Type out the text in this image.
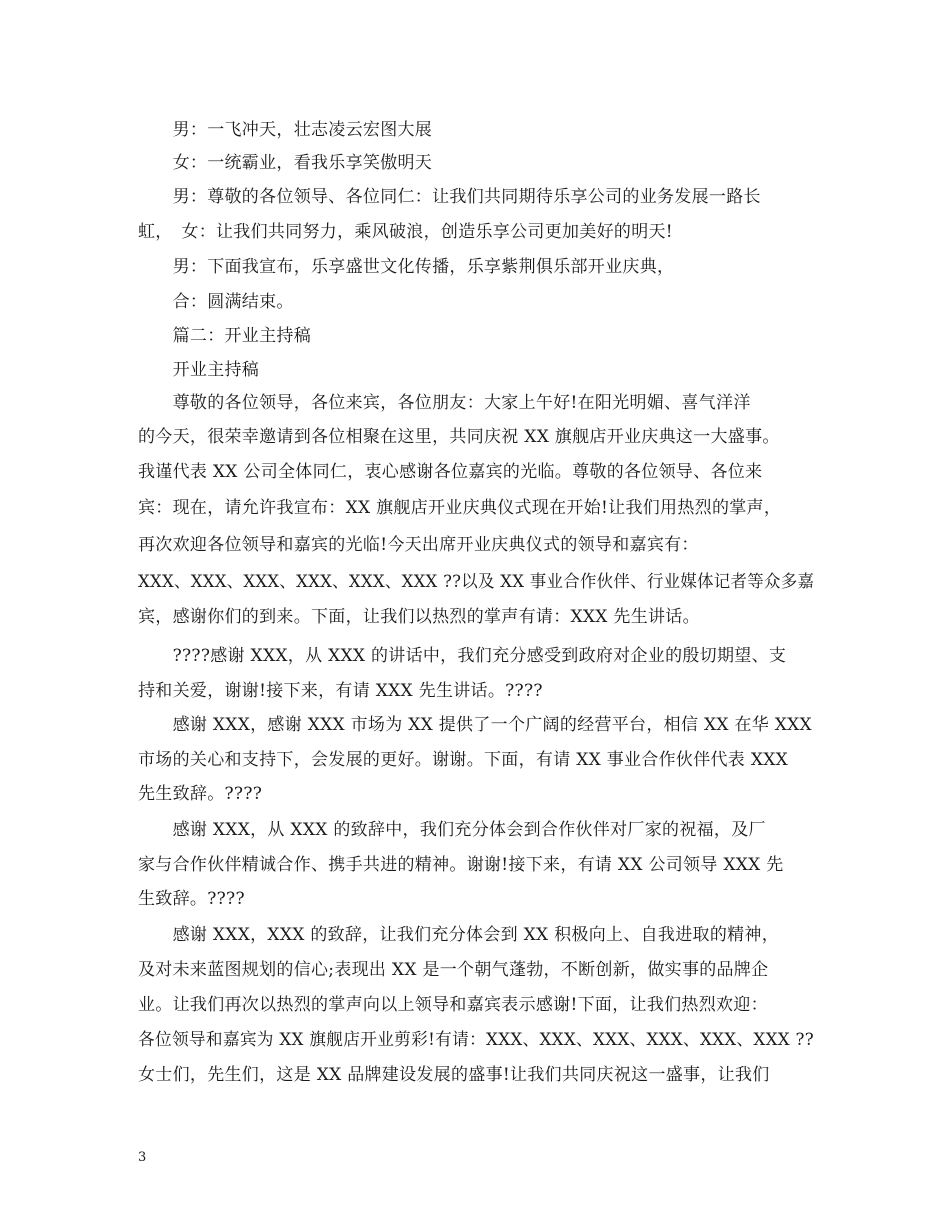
　　男：一飞冲天，壮志凌云宏图大展
　　女：一统霸业，看我乐享笑傲明天
　　男：尊敬的各位领导、各位同仁：让我们共同期待乐享公司的业务发展一路长
虹，　女：让我们共同努力，乘风破浪，创造乐享公司更加美好的明天!
　　男：下面我宣布，乐享盛世文化传播，乐享紫荆俱乐部开业庆典，
　　合：圆满结束。
　　篇二：开业主持稿
　　开业主持稿
　　尊敬的各位领导，各位来宾，各位朋友：大家上午好!在阳光明媚、喜气洋洋
的今天，很荣幸邀请到各位相聚在这里，共同庆祝 XX 旗舰店开业庆典这一大盛事。
我谨代表 XX 公司全体同仁，衷心感谢各位嘉宾的光临。尊敬的各位领导、各位来
宾：现在，请允许我宣布：XX 旗舰店开业庆典仪式现在开始!让我们用热烈的掌声，
再次欢迎各位领导和嘉宾的光临!今天出席开业庆典仪式的领导和嘉宾有：
XXX、XXX、XXX、XXX、XXX、XXX ??以及 XX 事业合作伙伴、行业媒体记者等众多嘉
宾，感谢你们的到来。下面，让我们以热烈的掌声有请：XXX 先生讲话。
　　????感谢 XXX，从 XXX 的讲话中，我们充分感受到政府对企业的殷切期望、支
持和关爱，谢谢!接下来，有请 XXX 先生讲话。????
　　感谢 XXX，感谢 XXX 市场为 XX 提供了一个广阔的经营平台，相信 XX 在华 XXX
市场的关心和支持下，会发展的更好。谢谢。下面，有请 XX 事业合作伙伴代表 XXX
先生致辞。????
　　感谢 XXX，从 XXX 的致辞中，我们充分体会到合作伙伴对厂家的祝福，及厂
家与合作伙伴精诚合作、携手共进的精神。谢谢!接下来，有请 XX 公司领导 XXX 先
生致辞。????
　　感谢 XXX，XXX 的致辞，让我们充分体会到 XX 积极向上、自我进取的精神，
及对未来蓝图规划的信心;表现出 XX 是一个朝气蓬勃，不断创新，做实事的品牌企
业。让我们再次以热烈的掌声向以上领导和嘉宾表示感谢!下面，让我们热烈欢迎：
各位领导和嘉宾为 XX 旗舰店开业剪彩!有请：XXX、XXX、XXX、XXX、XXX、XXX ??
女士们，先生们，这是 XX 品牌建设发展的盛事!让我们共同庆祝这一盛事，让我们
3
